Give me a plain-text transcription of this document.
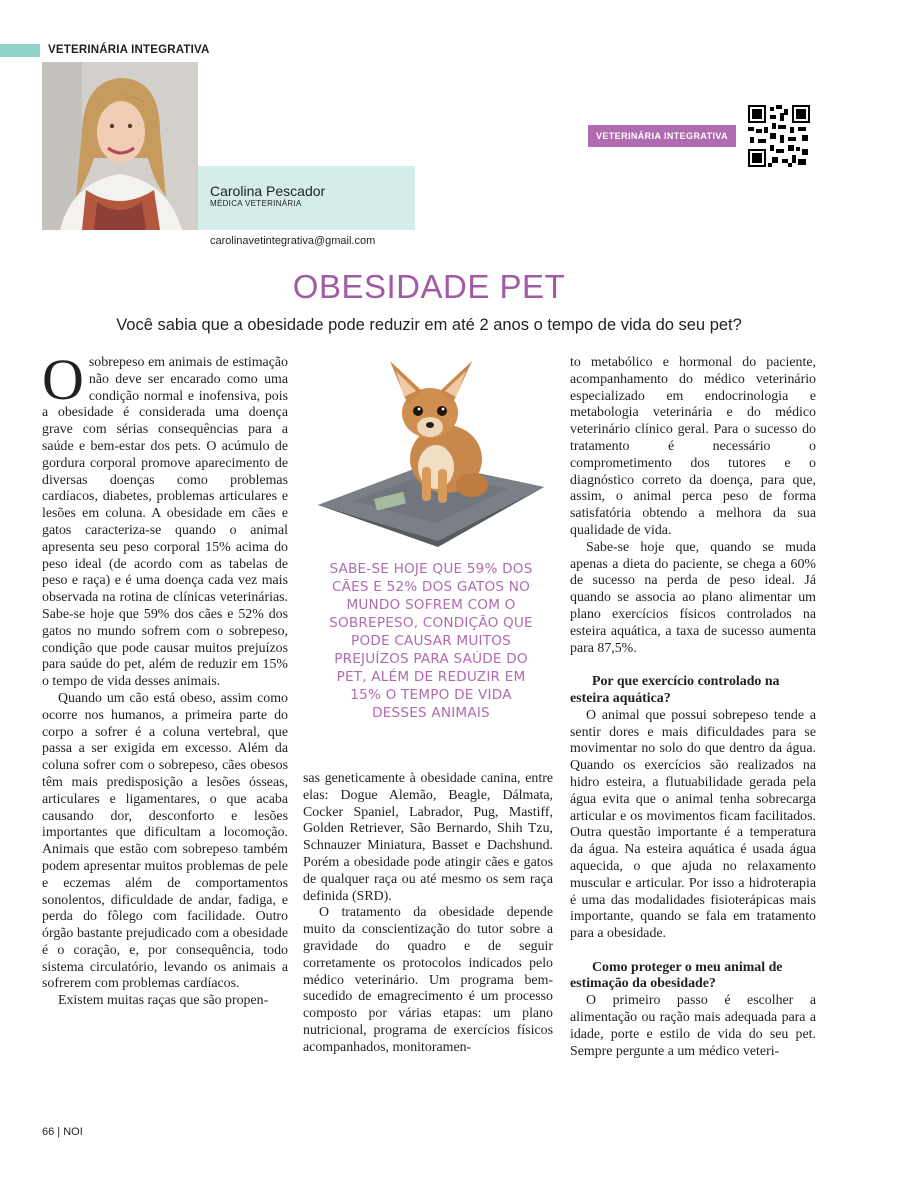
VETERINÁRIA INTEGRATIVA
Carolina Pescador
MÉDICA VETERINÁRIA
carolinavetintegrativa@gmail.com
VETERINÁRIA INTEGRATIVA
OBESIDADE PET
Você sabia que a obesidade pode reduzir em até 2 anos o tempo de vida do seu pet?

Osobrepeso em animais de estimação não deve ser encarado como uma condição normal e inofensiva, pois a obesidade é considerada uma doença grave com sérias consequências para a saúde e bem-estar dos pets. O acúmulo de gordura corporal promove aparecimento de diversas doenças como problemas cardíacos, diabetes, problemas articulares e lesões em coluna. A obesidade em cães e gatos caracteriza-se quando o animal apresenta seu peso corporal 15% acima do peso ideal (de acordo com as tabelas de peso e raça) e é uma doença cada vez mais observada na rotina de clínicas veterinárias. Sabe-se hoje que 59% dos cães e 52% dos gatos no mundo sofrem com o sobrepeso, condição que pode causar muitos prejuízos para saúde do pet, além de reduzir em 15% o tempo de vida desses animais.

Quando um cão está obeso, assim como ocorre nos humanos, a primeira parte do corpo a sofrer é a coluna vertebral, que passa a ser exigida em excesso. Além da coluna sofrer com o sobrepeso, cães obesos têm mais predisposição a lesões ósseas, articulares e ligamentares, o que acaba causando dor, desconforto e lesões importantes que dificultam a locomoção. Animais que estão com sobrepeso também podem apresentar muitos problemas de pele e eczemas além de comportamentos sonolentos, dificuldade de andar, fadiga, e perda do fôlego com facilidade. Outro órgão bastante prejudicado com a obesidade é o coração, e, por consequência, todo sistema circulatório, levando os animais a sofrerem com problemas cardíacos.

Existem muitas raças que são propen-

SABE-SE HOJE QUE 59% DOS CÃES E 52% DOS GATOS NO MUNDO SOFREM COM O SOBREPESO, CONDIÇÃO QUE PODE CAUSAR MUITOS PREJUÍZOS PARA SAÚDE DO PET, ALÉM DE REDUZIR EM 15% O TEMPO DE VIDA DESSES ANIMAIS

sas geneticamente à obesidade canina, entre elas: Dogue Alemão, Beagle, Dálmata, Cocker Spaniel, Labrador, Pug, Mastiff, Golden Retriever, São Bernardo, Shih Tzu, Schnauzer Miniatura, Basset e Dachshund. Porém a obesidade pode atingir cães e gatos de qualquer raça ou até mesmo os sem raça definida (SRD).

O tratamento da obesidade depende muito da conscientização do tutor sobre a gravidade do quadro e de seguir corretamente os protocolos indicados pelo médico veterinário. Um programa bem-sucedido de emagrecimento é um processo composto por várias etapas: um plano nutricional, programa de exercícios físicos acompanhados, monitoramen-

to metabólico e hormonal do paciente, acompanhamento do médico veterinário especializado em endocrinologia e metabologia veterinária e do médico veterinário clínico geral. Para o sucesso do tratamento é necessário o comprometimento dos tutores e o diagnóstico correto da doença, para que, assim, o animal perca peso de forma satisfatória obtendo a melhora da sua qualidade de vida.

Sabe-se hoje que, quando se muda apenas a dieta do paciente, se chega a 60% de sucesso na perda de peso ideal. Já quando se associa ao plano alimentar um plano exercícios físicos controlados na esteira aquática, a taxa de sucesso aumenta para 87,5%.

Por que exercício controlado na esteira aquática?

O animal que possui sobrepeso tende a sentir dores e mais dificuldades para se movimentar no solo do que dentro da água. Quando os exercícios são realizados na hidro esteira, a flutuabilidade gerada pela água evita que o animal tenha sobrecarga articular e os movimentos ficam facilitados. Outra questão importante é a temperatura da água. Na esteira aquática é usada água aquecida, o que ajuda no relaxamento muscular e articular. Por isso a hidroterapia é uma das modalidades fisioterápicas mais importante, quando se fala em tratamento para a obesidade.

Como proteger o meu animal de estimação da obesidade?

O primeiro passo é escolher a alimentação ou ração mais adequada para a idade, porte e estilo de vida do seu pet. Sempre pergunte a um médico veteri-

66 | NOI
